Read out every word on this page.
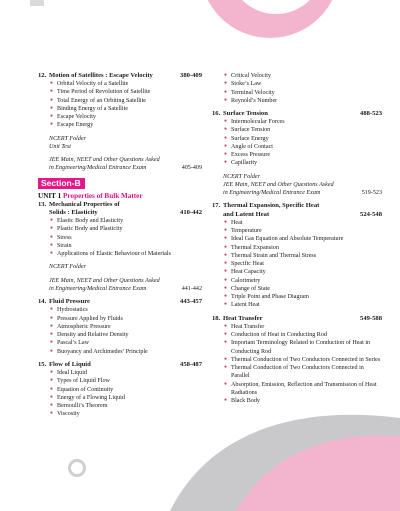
12. Motion of Satellites : Escape Velocity	380-409
● Orbital Velocity of a Satellite
● Time Period of Revolution of Satellite
● Total Energy of an Orbiting Satellite
● Binding Energy of a Satellite
● Escape Velocity
● Escape Energy
NCERT Folder
Unit Test
JEE Main, NEET and Other Questions Asked
in Engineering/Medical Entrance Exam	405-409
Section-B
UNIT 1 Properties of Bulk Matter
13. Mechanical Properties of
Solids : Elasticity	410-442
● Elastic Body and Elasticity
● Plastic Body and Plasticity
● Stress
● Strain
● Applications of Elastic Behaviour of Materials
NCERT Folder
JEE Main, NEET and Other Questions Asked
in Engineering/Medical Entrance Exam	441-442
14. Fluid Pressure	443-457
● Hydrostatics
● Pressure Applied by Fluids
● Atmospheric Pressure
● Density and Relative Density
● Pascal’s Law
● Buoyancy and Archimedes’ Principle
15. Flow of Liquid	458-487
● Ideal Liquid
● Types of Liquid Flow
● Equation of Continuity
● Energy of a Flowing Liquid
● Bernoulli’s Theorem
● Viscosity
● Critical Velocity
● Stoke’s Law
● Terminal Velocity
● Reynold’s Number
16. Surface Tension	488-523
● Intermolecular Forces
● Surface Tension
● Surface Energy
● Angle of Contact
● Excess Pressure
● Capillarity
NCERT Folder
JEE Main, NEET and Other Questions Asked
in Engineering/Medical Entrance Exam	519-523
17. Thermal Expansion, Specific Heat
and Latent Heat	524-548
● Heat
● Temperature
● Ideal Gas Equation and Absolute Temperature
● Thermal Expansion
● Thermal Strain and Thermal Stress
● Specific Heat
● Heat Capacity
● Calorimetry
● Change of State
● Triple Point and Phase Diagram
● Latent Heat
18. Heat Transfer	549-588
● Heat Transfer
● Conduction of Heat in Conducting Rod
● Important Terminology Related to Conduction of Heat in Conducting Rod
● Thermal Conduction of Two Conductors Connected in Series
● Thermal Conduction of Two Conductors Connected in Parallel
● Absorption, Emission, Reflection and Transmission of Heat Radiations
● Black Body
